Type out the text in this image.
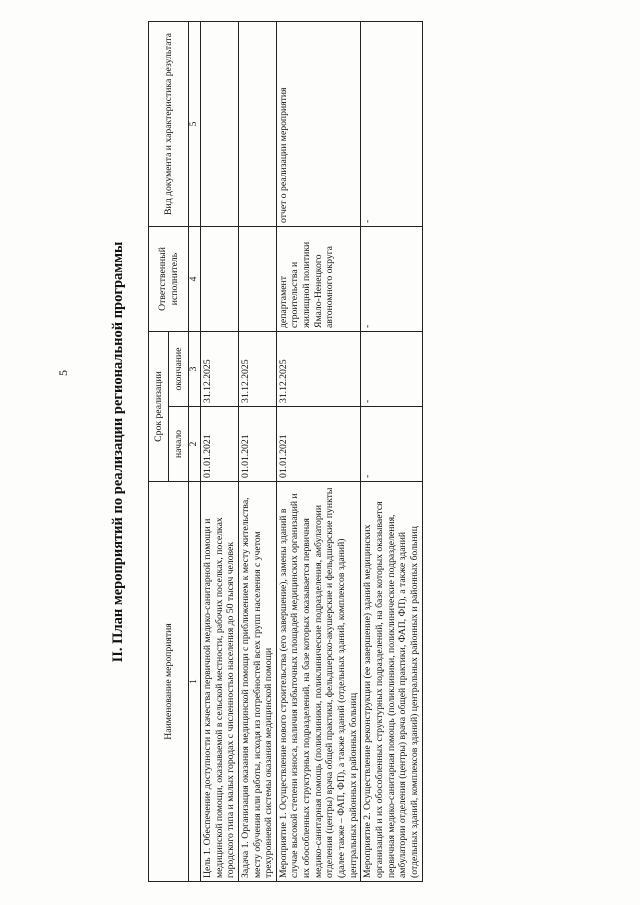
5	II. План мероприятий по реализации региональной программы
Наименование мероприятия	Срок реализации		Ответственный исполнитель	Вид документа и характеристика результата
	начало	окончание		
1	2	3	4	5
Цель 1. Обеспечение доступности и качества первичной медико-санитарной помощи и медицинской помощи, оказываемой в сельской местности, рабочих поселках, поселках городского типа и малых городах с численностью населения до 50 тысяч человек	01.01.2021	31.12.2025		
Задача 1. Организация оказания медицинской помощи с приближением к месту жительства, месту обучения или работы, исходя из потребностей всех групп населения с учетом трехуровневой системы оказания медицинской помощи	01.01.2021	31.12.2025		
Мероприятие 1. Осуществление нового строительства (его завершение), замены зданий в случае высокой степени износа, наличия избыточных площадей медицинских организаций и их обособленных структурных подразделений, на базе которых оказывается первичная медико-санитарная помощь (поликлиники, поликлинические подразделения, амбулатории отделения (центры) врача общей практики, фельдшерско-акушерские и фельдшерские пункты (далее также – ФАП, ФП), а также зданий (отдельных зданий, комплексов зданий) центральных районных и районных больниц	01.01.2021	31.12.2025	департамент строительства и жилищной политики Ямало-Ненецкого автономного округа	отчет о реализации мероприятия
Мероприятие 2. Осуществление реконструкции (ее завершение) зданий медицинских организаций и их обособленных структурных подразделений, на базе которых оказывается первичная медико-санитарная помощь (поликлиники, поликлинические подразделения, амбулатории отделения (центры) врача общей практики, ФАП, ФП), а также зданий (отдельных зданий, комплексов зданий) центральных районных и районных больниц	-	-	-	-
